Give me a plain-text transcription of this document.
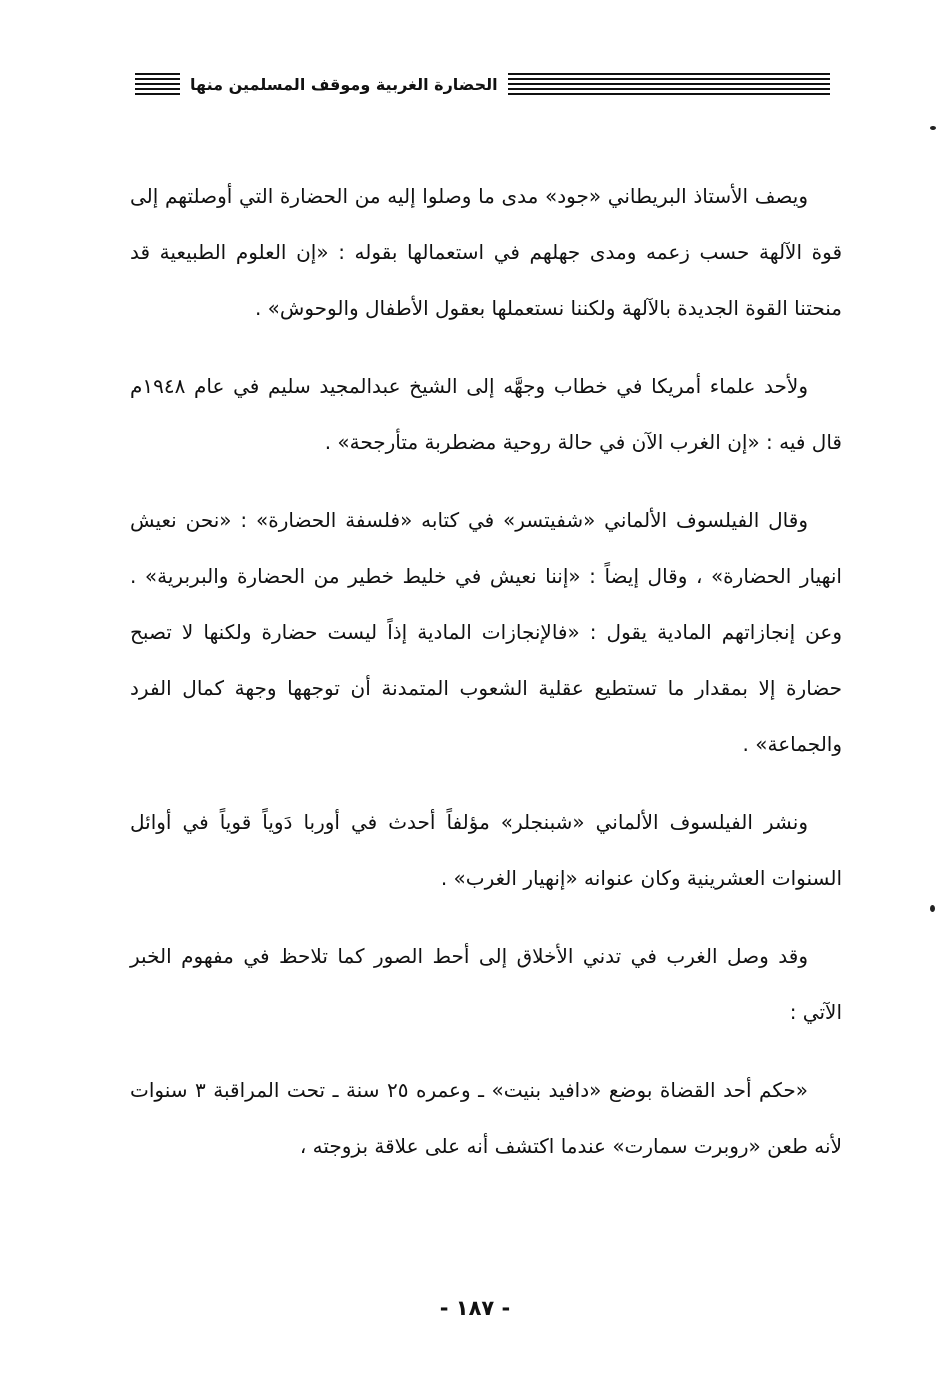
الحضارة الغربية وموقف المسلمين منها

ويصف الأستاذ البريطاني «جود» مدى ما وصلوا إليه من الحضارة التي أوصلتهم إلى قوة الآلهة حسب زعمه ومدى جهلهم في استعمالها بقوله : «إن العلوم الطبيعية قد منحتنا القوة الجديدة بالآلهة ولكننا نستعملها بعقول الأطفال والوحوش» .

ولأحد علماء أمريكا في خطاب وجهَّه إلى الشيخ عبدالمجيد سليم في عام ١٩٤٨م قال فيه : «إن الغرب الآن في حالة روحية مضطربة متأرجحة» .

وقال الفيلسوف الألماني «شفيتسر» في كتابه «فلسفة الحضارة» : «نحن نعيش انهيار الحضارة» ، وقال إيضاً : «إننا نعيش في خليط خطير من الحضارة والبربرية» . وعن إنجازاتهم المادية يقول : «فالإنجازات المادية إذاً ليست حضارة ولكنها لا تصبح حضارة إلا بمقدار ما تستطيع عقلية الشعوب المتمدنة أن توجهها وجهة كمال الفرد والجماعة» .

ونشر الفيلسوف الألماني «شبنجلر» مؤلفاً أحدث في أوربا دَوياً قوياً في أوائل السنوات العشرينية وكان عنوانه «إنهيار الغرب» .

وقد وصل الغرب في تدني الأخلاق إلى أحط الصور كما تلاحظ في مفهوم الخبر الآتي :

«حكم أحد القضاة بوضع «دافيد بنيت» ـ وعمره ٢٥ سنة ـ تحت المراقبة ٣ سنوات لأنه طعن «روبرت سمارت» عندما اكتشف أنه على علاقة بزوجته ،

- ١٨٧ -
